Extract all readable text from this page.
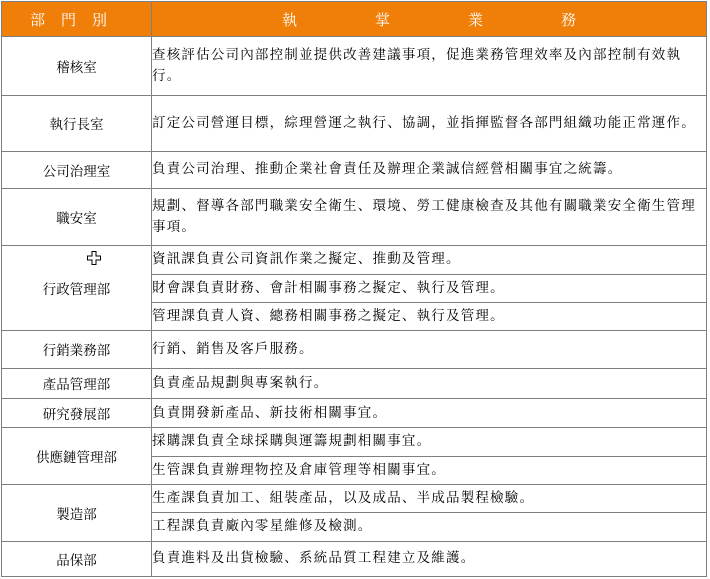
部門別	執掌業務
稽核室	查核評估公司內部控制並提供改善建議事項，促進業務管理效率及內部控制有效執行。
執行長室	訂定公司營運目標，綜理營運之執行、協調，並指揮監督各部門組織功能正常運作。
公司治理室	負責公司治理、推動企業社會責任及辦理企業誠信經營相關事宜之統籌。
職安室	規劃、督導各部門職業安全衛生、環境、勞工健康檢查及其他有關職業安全衛生管理事項。
行政管理部	資訊課負責公司資訊作業之擬定、推動及管理。
	財會課負責財務、會計相關事務之擬定、執行及管理。
	管理課負責人資、總務相關事務之擬定、執行及管理。
行銷業務部	行銷、銷售及客戶服務。
產品管理部	負責產品規劃與專案執行。
研究發展部	負責開發新產品、新技術相關事宜。
供應鏈管理部	採購課負責全球採購與運籌規劃相關事宜。
	生管課負責辦理物控及倉庫管理等相關事宜。
製造部	生產課負責加工、組裝產品，以及成品、半成品製程檢驗。
	工程課負責廠內零星維修及檢測。
品保部	負責進料及出貨檢驗、系統品質工程建立及維護。
